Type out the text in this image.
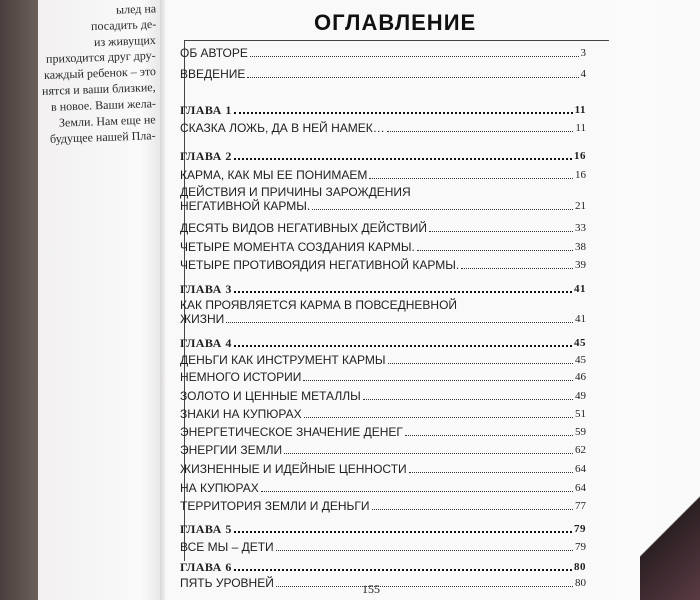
ылед на
посадить де-
из живущих
приходится друг дру-
каждый ребенок – это
нятся и ваши близкие,
в новое. Ваши жела-
Земли. Нам еще не
будущее нашей Пла-
ОГЛАВЛЕНИЕ
ОБ АВТОРЕ	3
ВВЕДЕНИЕ	4
ГЛАВА 1	11
СКАЗКА ЛОЖЬ, ДА В НЕЙ НАМЕК…	11
ГЛАВА 2	16
КАРМА, КАК МЫ ЕЕ ПОНИМАЕМ	16
ДЕЙСТВИЯ И ПРИЧИНЫ ЗАРОЖДЕНИЯ
НЕГАТИВНОЙ КАРМЫ.	21
ДЕСЯТЬ ВИДОВ НЕГАТИВНЫХ ДЕЙСТВИЙ	33
ЧЕТЫРЕ МОМЕНТА СОЗДАНИЯ КАРМЫ.	38
ЧЕТЫРЕ ПРОТИВОЯДИЯ НЕГАТИВНОЙ КАРМЫ.	39
ГЛАВА 3	41
КАК ПРОЯВЛЯЕТСЯ КАРМА В ПОВСЕДНЕВНОЙ
ЖИЗНИ	41
ГЛАВА 4	45
ДЕНЬГИ КАК ИНСТРУМЕНТ КАРМЫ	45
НЕМНОГО ИСТОРИИ	46
ЗОЛОТО И ЦЕННЫЕ МЕТАЛЛЫ	49
ЗНАКИ НА КУПЮРАХ	51
ЭНЕРГЕТИЧЕСКОЕ ЗНАЧЕНИЕ ДЕНЕГ	59
ЭНЕРГИИ ЗЕМЛИ	62
ЖИЗНЕННЫЕ И ИДЕЙНЫЕ ЦЕННОСТИ	64
НА КУПЮРАХ	64
ТЕРРИТОРИЯ ЗЕМЛИ И ДЕНЬГИ	77
ГЛАВА 5	79
ВСЕ МЫ – ДЕТИ	79
ГЛАВА 6	80
ПЯТЬ УРОВНЕЙ	80
155
